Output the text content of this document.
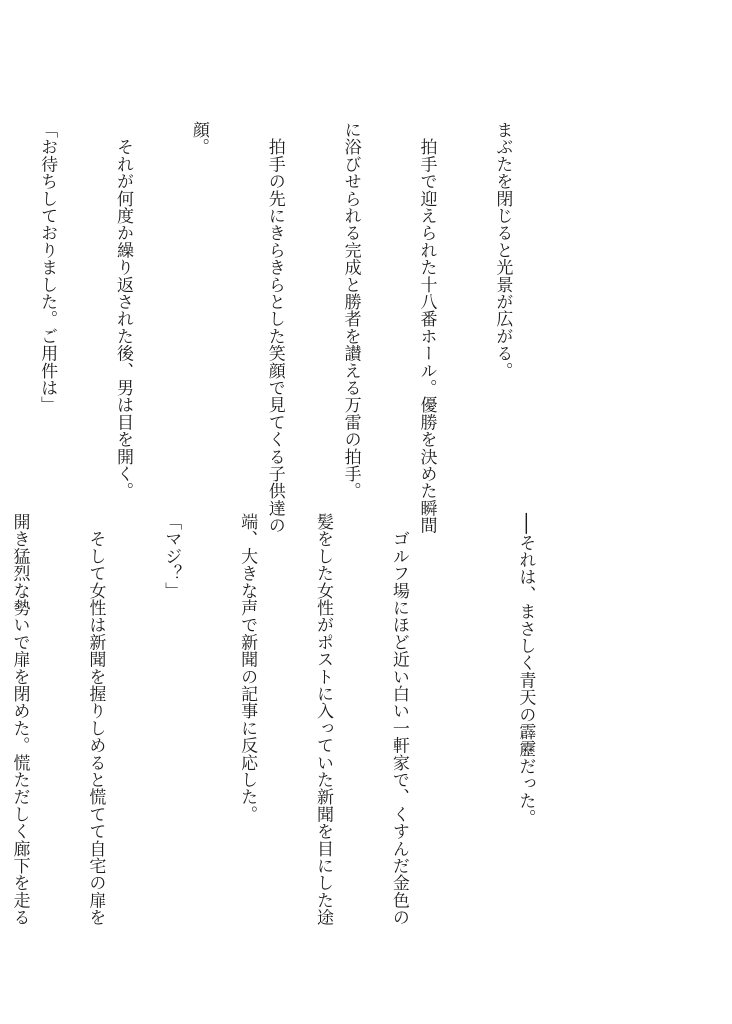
まぶたを閉じると光景が広がる。

　拍手で迎えられた十八番ホール。優勝を決めた瞬間

に浴びせられる完成と勝者を讃える万雷の拍手。

　拍手の先にきらきらとした笑顔で見てくる子供達の

顔。

　それが何度か繰り返された後、男は目を開く。

「お待ちしておりました。ご用件は」

──それは、まさしく青天の霹靂だった。

　ゴルフ場にほど近い白い一軒家で、くすんだ金色の

髪をした女性がポストに入っていた新聞を目にした途

端、大きな声で新聞の記事に反応した。

「マジ？」

　そして女性は新聞を握りしめると慌てて自宅の扉を

開き猛烈な勢いで扉を閉めた。慌ただしく廊下を走る
